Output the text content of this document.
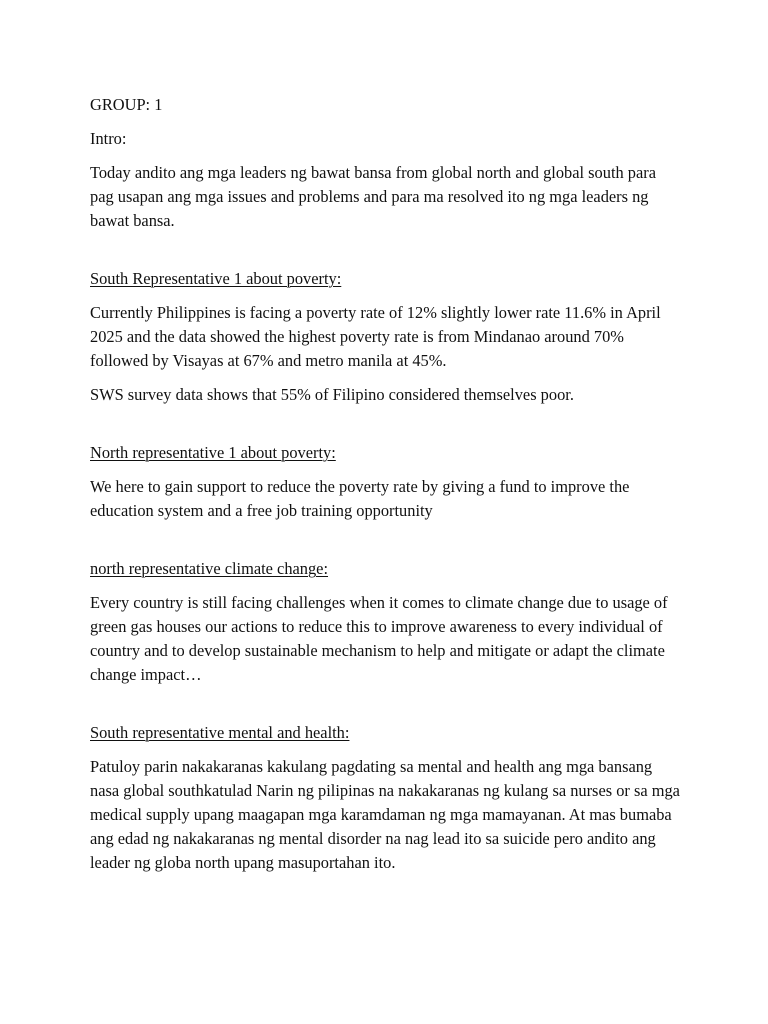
GROUP: 1

Intro:

Today andito ang mga leaders ng bawat bansa from global north and global south para pag usapan ang mga issues and problems and para ma resolved ito ng mga leaders ng bawat bansa.

South Representative 1 about poverty:

Currently Philippines is facing a poverty rate of 12% slightly lower rate 11.6% in April 2025 and the data showed the highest poverty rate is from Mindanao around 70% followed by Visayas at 67% and metro manila at 45%.

SWS survey data shows that 55% of Filipino considered themselves poor.

North representative 1 about poverty:

We here to gain support to reduce the poverty rate by giving a fund to improve the education system and a free job training opportunity

north representative climate change:

Every country is still facing challenges when it comes to climate change due to usage of green gas houses our actions to reduce this to improve awareness to every individual of country and to develop sustainable mechanism to help and mitigate or adapt the climate change impact…

South representative mental and health:

Patuloy parin nakakaranas kakulang pagdating sa mental and health ang mga bansang nasa global southkatulad Narin ng pilipinas na nakakaranas ng kulang sa nurses or sa mga medical supply upang maagapan mga karamdaman ng mga mamayanan. At mas bumaba ang edad ng nakakaranas ng mental disorder na nag lead ito sa suicide pero andito ang leader ng globa north upang masuportahan ito.
